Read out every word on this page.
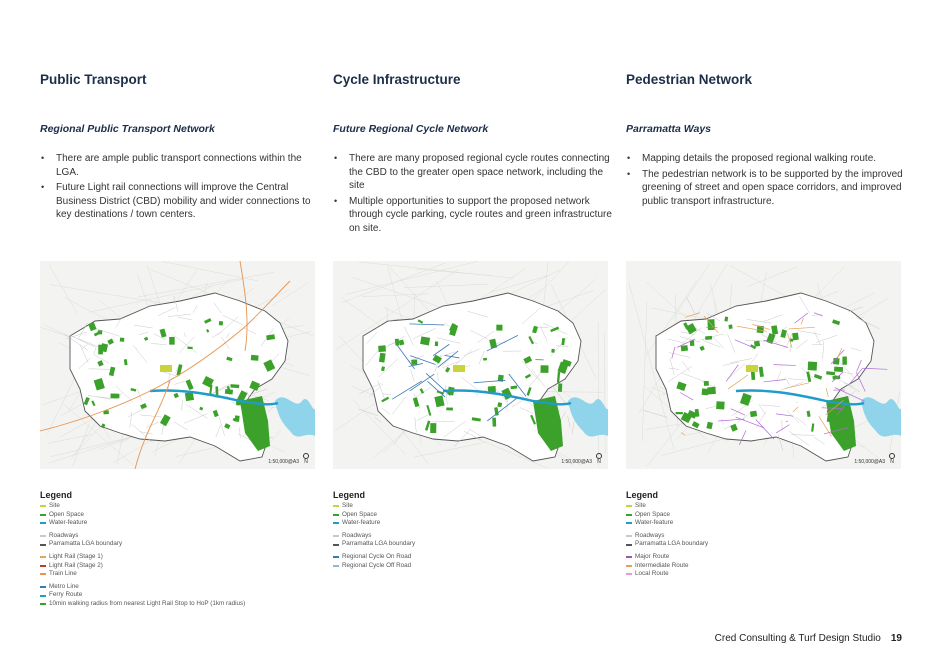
Public Transport
Regional Public Transport Network
• There are ample public transport connections within the LGA.
• Future Light rail connections will improve the Central Business District (CBD) mobility and wider connections to key destinations / town centers.
1:50,000@A3 N
Legend
Site
Open Space
Water-feature
Roadways
Parramatta LGA boundary
Light Rail (Stage 1)
Light Rail (Stage 2)
Train Line
Metro Line
Ferry Route
10min walking radius from nearest Light Rail Stop to HoP (1km radius)
Cycle Infrastructure
Future Regional Cycle Network
• There are many proposed regional cycle routes connecting the CBD to the greater open space network, including the site
• Multiple opportunities to support the proposed network through cycle parking, cycle routes and green infrastructure on site.
1:50,000@A3 N
Legend
Site
Open Space
Water-feature
Roadways
Parramatta LGA boundary
Regional Cycle On Road
Regional Cycle Off Road
Pedestrian Network
Parramatta Ways
• Mapping details the proposed regional walking route.
• The pedestrian network is to be supported by the improved greening of street and open space corridors, and improved public transport infrastructure.
1:50,000@A3 N
Legend
Site
Open Space
Water-feature
Roadways
Parramatta LGA boundary
Major Route
Intermediate Route
Local Route
Cred Consulting & Turf Design Studio 19
